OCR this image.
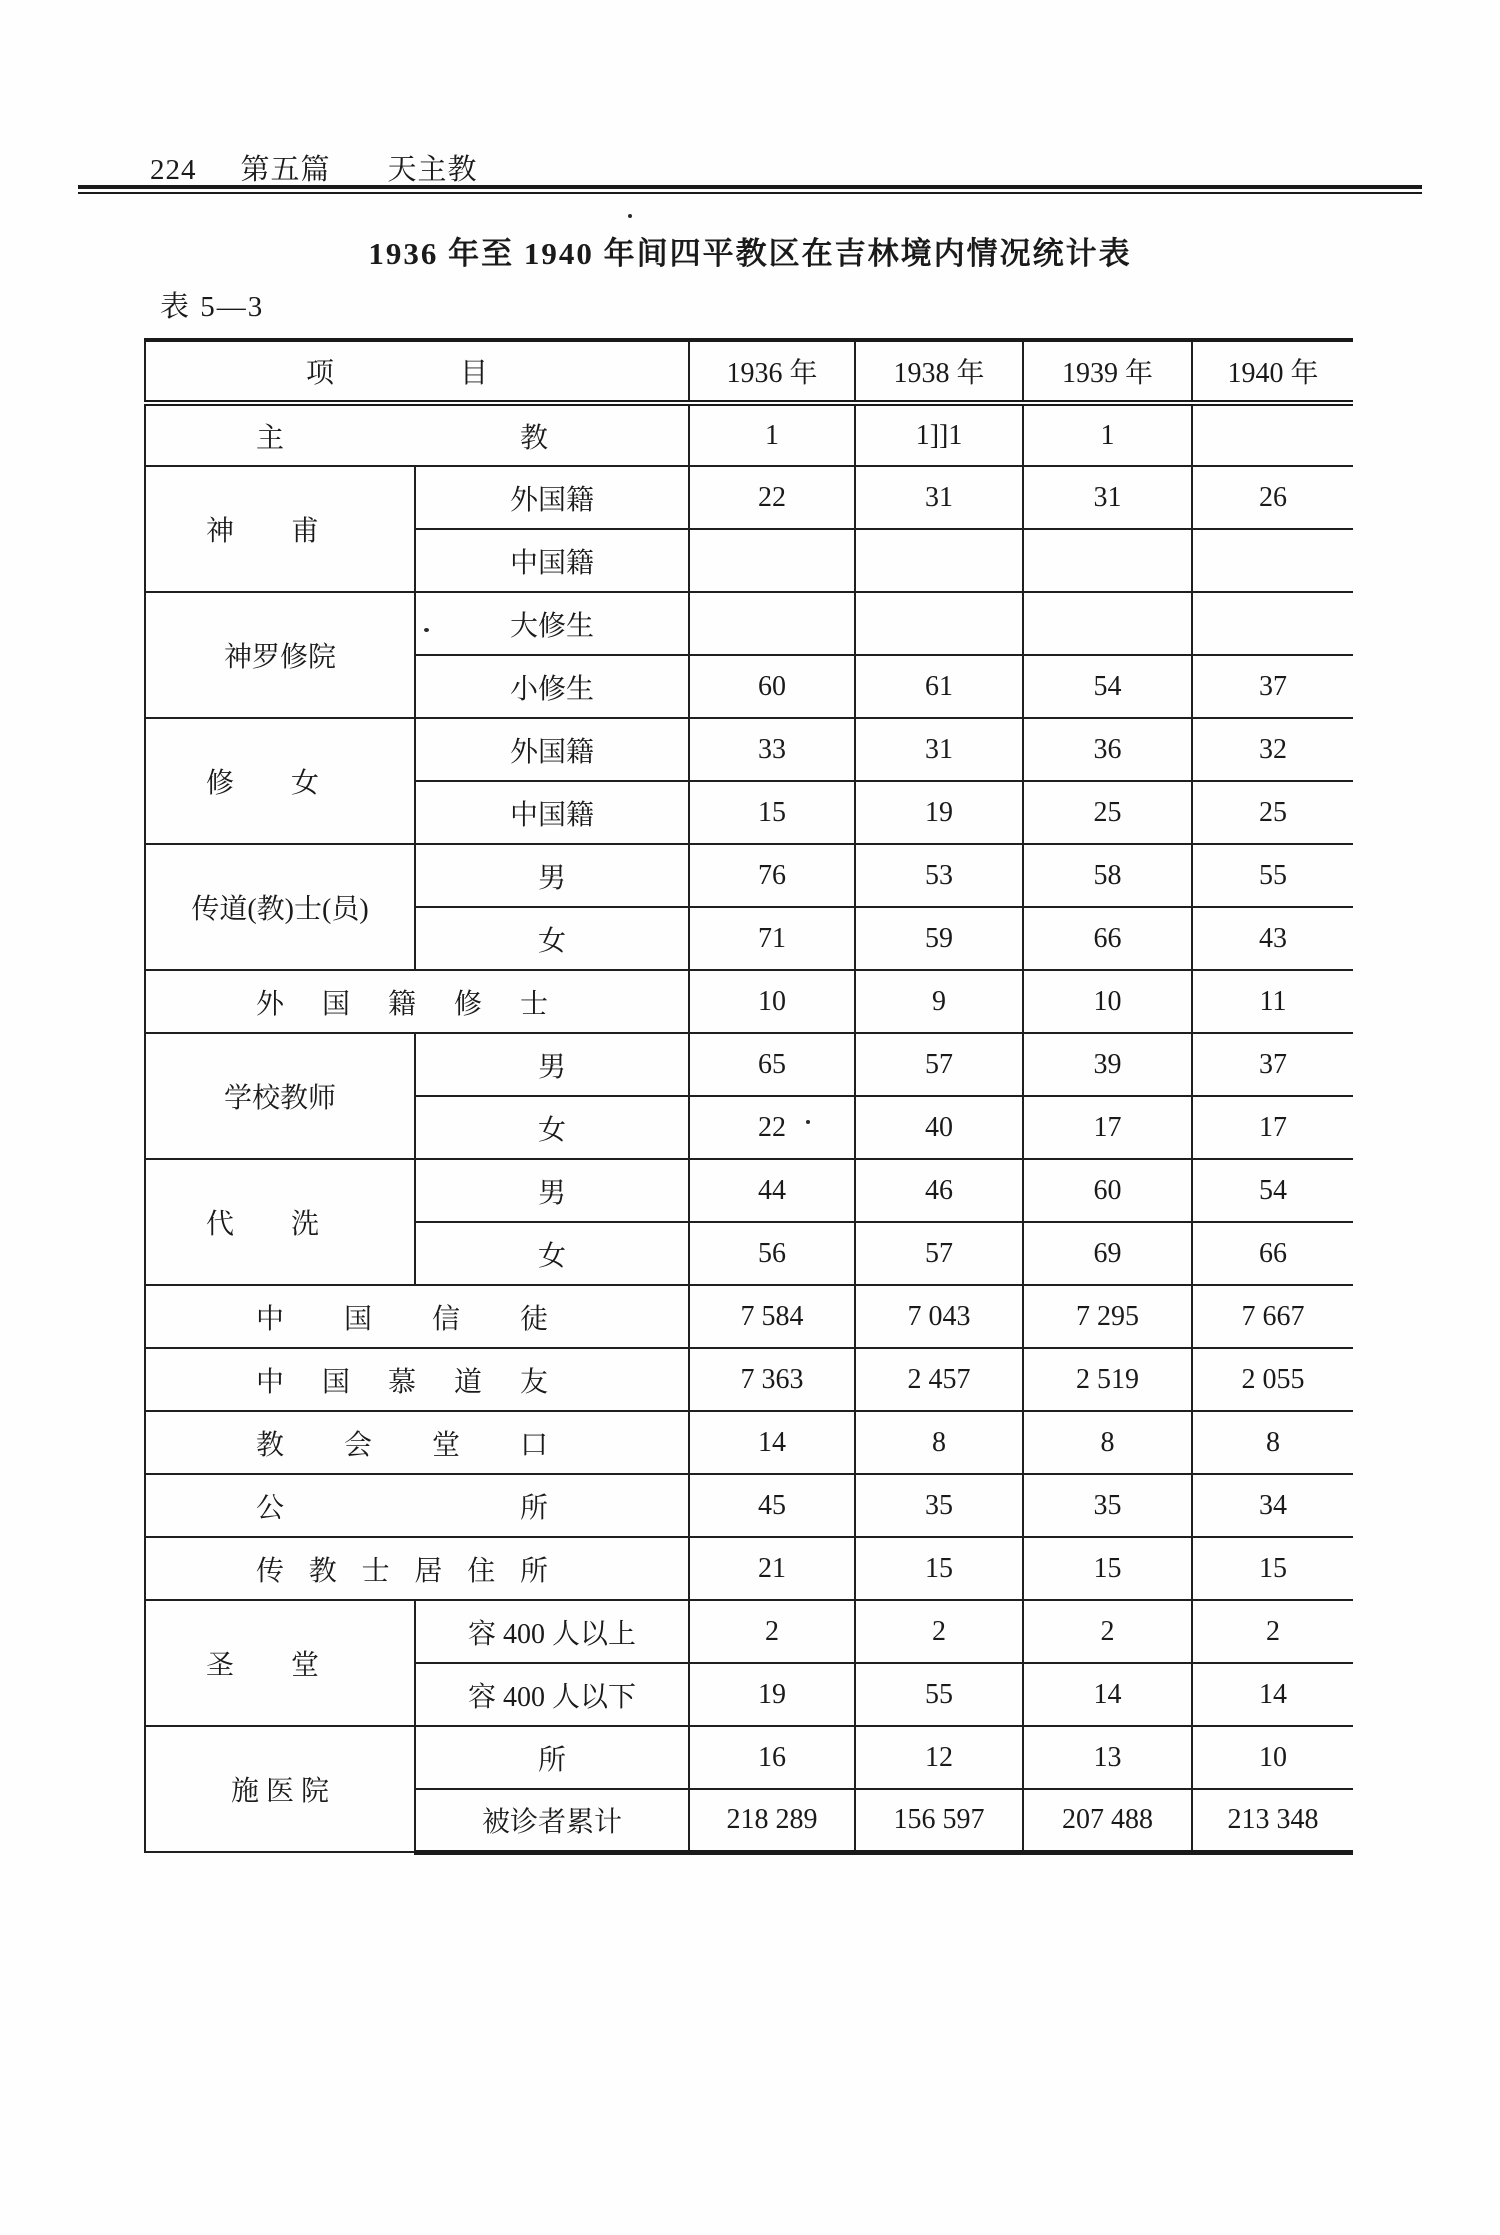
224 第五篇 天主教
1936 年至 1940 年间四平教区在吉林境内情况统计表
表 5—3
项 目		1936 年	1938 年	1939 年	1940 年
主 教		1	1]]1	1	
神 甫	外国籍	22	31	31	26
	中国籍				
神罗修院	大修生				
	小修生	60	61	54	37
修 女	外国籍	33	31	36	32
	中国籍	15	19	25	25
传道(教)士(员)	男	76	53	58	55
	女	71	59	66	43
外 国 籍 修 士		10	9	10	11
学校教师	男	65	57	39	37
	女	22	40	17	17
代 洗	男	44	46	60	54
	女	56	57	69	66
中 国 信 徒		7 584	7 043	7 295	7 667
中 国 慕 道 友		7 363	2 457	2 519	2 055
教 会 堂 口		14	8	8	8
公 所		45	35	35	34
传 教 士 居 住 所		21	15	15	15
圣 堂	容 400 人以上	2	2	2	2
	容 400 人以下	19	55	14	14
施 医 院	所	16	12	13	10
	被诊者累计	218 289	156 597	207 488	213 348
